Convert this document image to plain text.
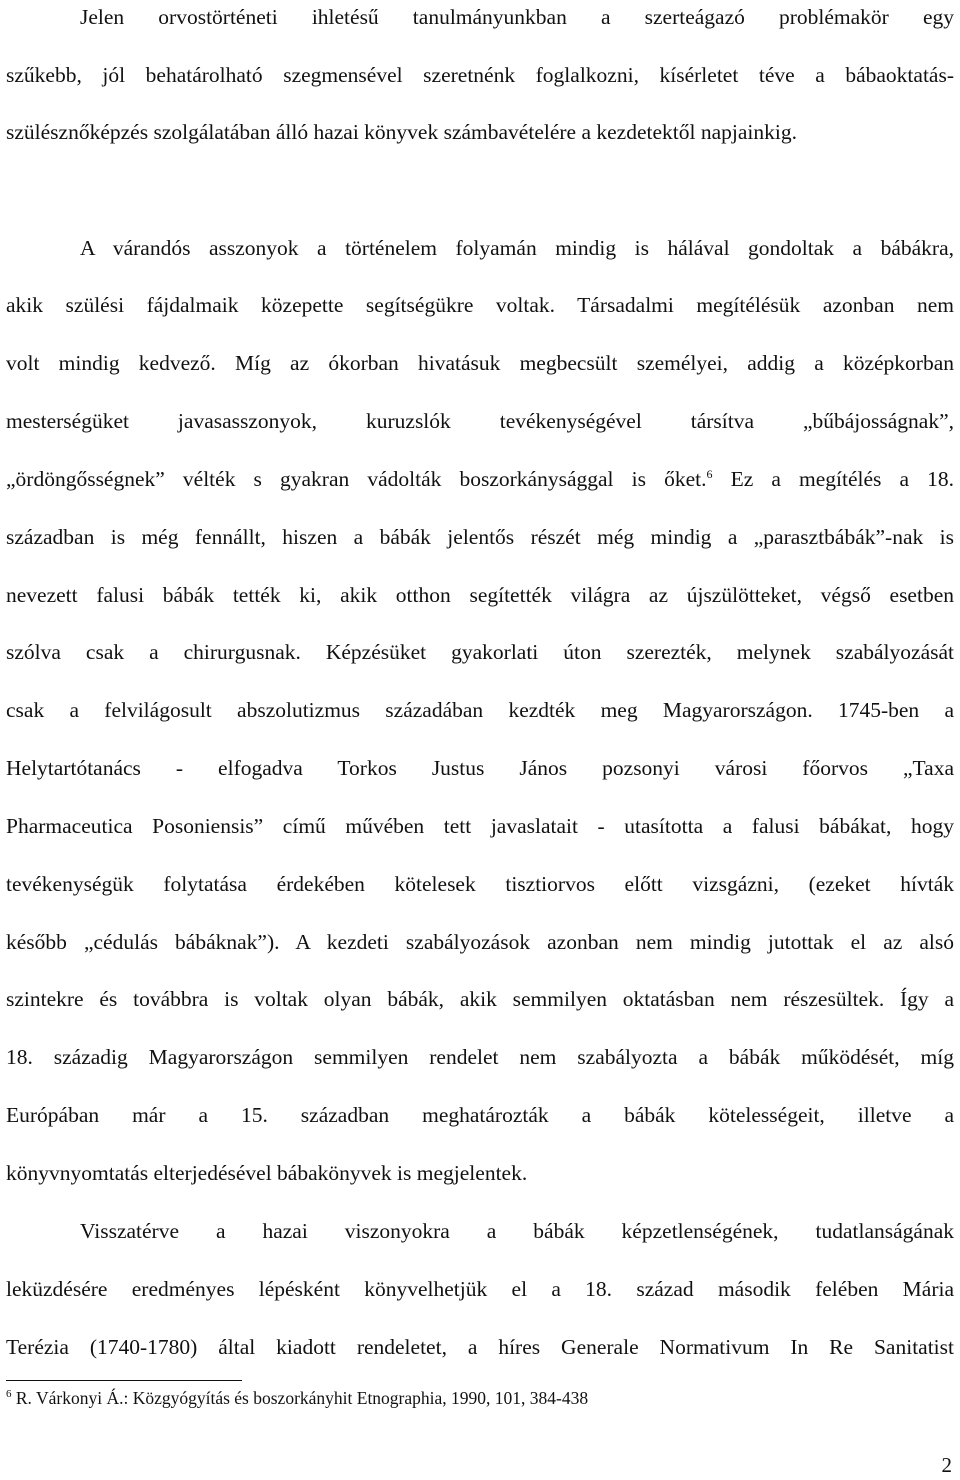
Jelen orvostörténeti ihletésű tanulmányunkban a szerteágazó problémakör egy
szűkebb, jól behatárolható szegmensével szeretnénk foglalkozni, kísérletet téve a bábaoktatás-
szülésznőképzés szolgálatában álló hazai könyvek számbavételére a kezdetektől napjainkig.
A várandós asszonyok a történelem folyamán mindig is hálával gondoltak a bábákra,
akik szülési fájdalmaik közepette segítségükre voltak. Társadalmi megítélésük azonban nem
volt mindig kedvező. Míg az ókorban hivatásuk megbecsült személyei, addig a középkorban
mesterségüket javasasszonyok, kuruzslók tevékenységével társítva „bűbájosságnak”,
„ördöngősségnek” vélték s gyakran vádolták boszorkánysággal is őket.$^6$ Ez a megítélés a 18.
században is még fennállt, hiszen a bábák jelentős részét még mindig a „parasztbábák”-nak is
nevezett falusi bábák tették ki, akik otthon segítették világra az újszülötteket, végső esetben
szólva csak a chirurgusnak. Képzésüket gyakorlati úton szerezték, melynek szabályozását
csak a felvilágosult abszolutizmus századában kezdték meg Magyarországon. 1745-ben a
Helytartótanács - elfogadva Torkos Justus János pozsonyi városi főorvos „Taxa
Pharmaceutica Posoniensis” című művében tett javaslatait - utasította a falusi bábákat, hogy
tevékenységük folytatása érdekében kötelesek tisztiorvos előtt vizsgázni, (ezeket hívták
később „cédulás bábáknak”). A kezdeti szabályozások azonban nem mindig jutottak el az alsó
szintekre és továbbra is voltak olyan bábák, akik semmilyen oktatásban nem részesültek. Így a
18. századig Magyarországon semmilyen rendelet nem szabályozta a bábák működését, míg
Európában már a 15. században meghatározták a bábák kötelességeit, illetve a
könyvnyomtatás elterjedésével bábakönyvek is megjelentek.
Visszatérve a hazai viszonyokra a bábák képzetlenségének, tudatlanságának
leküzdésére eredményes lépésként könyvelhetjük el a 18. század második felében Mária
Terézia (1740-1780) által kiadott rendeletet, a híres Generale Normativum In Re Sanitatist
$^6$ R. Várkonyi Á.: Közgyógyítás és boszorkányhit Etnographia, 1990, 101, 384-438
2
